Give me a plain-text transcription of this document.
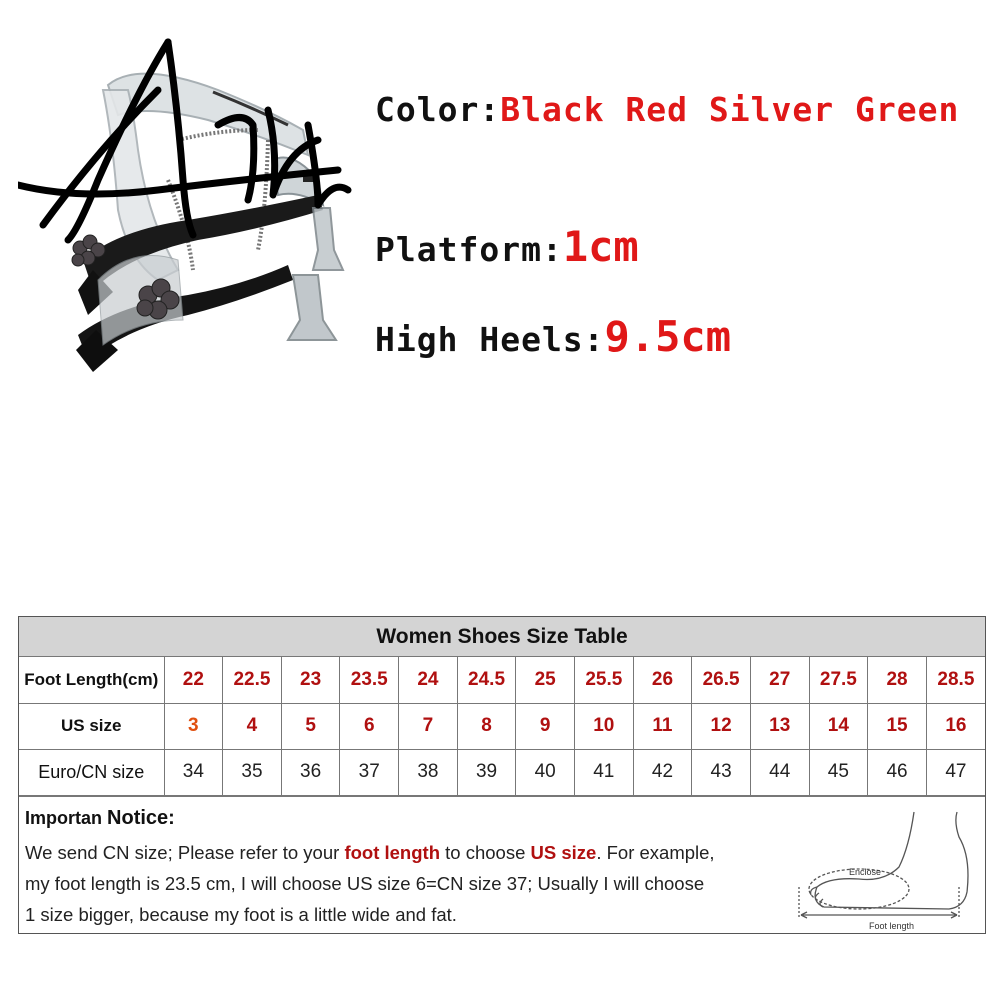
Aierta
Color:Black Red Silver Green
Platform:1cm
High Heels:9.5cm
Women Shoes Size Table
Foot Length(cm)	22	22.5	23	23.5	24	24.5	25	25.5	26	26.5	27	27.5	28	28.5
US size	3	4	5	6	7	8	9	10	11	12	13	14	15	16
Euro/CN size	34	35	36	37	38	39	40	41	42	43	44	45	46	47
Importan Notice:
We send CN size; Please refer to your foot length to choose US size. For example,
my foot length is 23.5 cm, I will choose US size 6=CN size 37; Usually I will choose
1 size bigger, because my foot is a little wide and fat.
Enclose
Foot length
